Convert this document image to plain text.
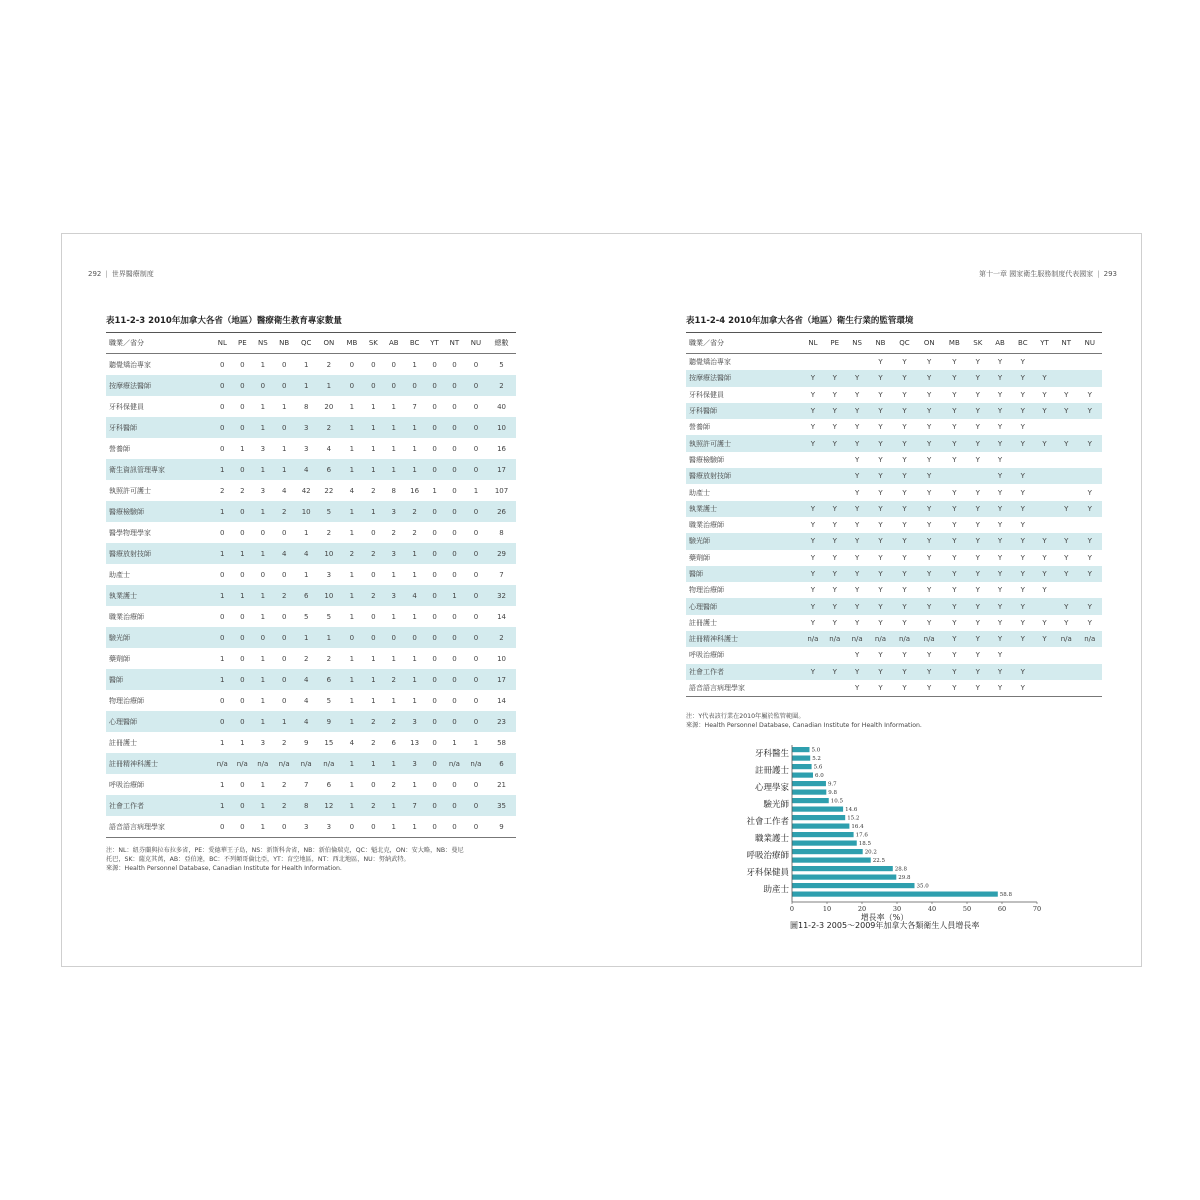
292 | 世界醫療制度
表11-2-3 2010年加拿大各省（地區）醫療衛生教育專家數量
職業／省分	NL	PE	NS	NB	QC	ON	MB	SK	AB	BC	YT	NT	NU	總數
聽覺矯治專家	0	0	1	0	1	2	0	0	0	1	0	0	0	5
按摩療法醫師	0	0	0	0	1	1	0	0	0	0	0	0	0	2
牙科保健員	0	0	1	1	8	20	1	1	1	7	0	0	0	40
牙科醫師	0	0	1	0	3	2	1	1	1	1	0	0	0	10
營養師	0	1	3	1	3	4	1	1	1	1	0	0	0	16
衛生資訊管理專家	1	0	1	1	4	6	1	1	1	1	0	0	0	17
執照許可護士	2	2	3	4	42	22	4	2	8	16	1	0	1	107
醫療檢驗師	1	0	1	2	10	5	1	1	3	2	0	0	0	26
醫學物理學家	0	0	0	0	1	2	1	0	2	2	0	0	0	8
醫療放射技師	1	1	1	4	4	10	2	2	3	1	0	0	0	29
助產士	0	0	0	0	1	3	1	0	1	1	0	0	0	7
執業護士	1	1	1	2	6	10	1	2	3	4	0	1	0	32
職業治療師	0	0	1	0	5	5	1	0	1	1	0	0	0	14
驗光師	0	0	0	0	1	1	0	0	0	0	0	0	0	2
藥劑師	1	0	1	0	2	2	1	1	1	1	0	0	0	10
醫師	1	0	1	0	4	6	1	1	2	1	0	0	0	17
物理治療師	0	0	1	0	4	5	1	1	1	1	0	0	0	14
心理醫師	0	0	1	1	4	9	1	2	2	3	0	0	0	23
註冊護士	1	1	3	2	9	15	4	2	6	13	0	1	1	58
註冊精神科護士	n/a	n/a	n/a	n/a	n/a	n/a	1	1	1	3	0	n/a	n/a	6
呼吸治療師	1	0	1	2	7	6	1	0	2	1	0	0	0	21
社會工作者	1	0	1	2	8	12	1	2	1	7	0	0	0	35
語音語言病理學家	0	0	1	0	3	3	0	0	1	1	0	0	0	9
注：NL：紐芬蘭與拉布拉多省，PE：愛德華王子島，NS：新斯科舍省，NB：新伯倫瑞克，QC：魁北克，ON：安大略，NB：曼尼
托巴，SK：薩克其萬，AB：亞伯達，BC：不列顛哥倫比亞，YT：育空地區，NT：西北地區，NU：努納武特。
來源：Health Personnel Database, Canadian Institute for Health Information.
第十一章 國家衛生服務制度代表國家 | 293
表11-2-4 2010年加拿大各省（地區）衛生行業的監管環境
職業／省分	NL	PE	NS	NB	QC	ON	MB	SK	AB	BC	YT	NT	NU
聽覺矯治專家				Y	Y	Y	Y	Y	Y	Y			
按摩療法醫師	Y	Y	Y	Y	Y	Y	Y	Y	Y	Y	Y		
牙科保健員	Y	Y	Y	Y	Y	Y	Y	Y	Y	Y	Y	Y	Y
牙科醫師	Y	Y	Y	Y	Y	Y	Y	Y	Y	Y	Y	Y	Y
營養師	Y	Y	Y	Y	Y	Y	Y	Y	Y	Y			
執照許可護士	Y	Y	Y	Y	Y	Y	Y	Y	Y	Y	Y	Y	Y
醫療檢驗師			Y	Y	Y	Y	Y	Y	Y				
醫療放射技師			Y	Y	Y	Y			Y	Y			
助產士			Y	Y	Y	Y	Y	Y	Y	Y			Y
執業護士	Y	Y	Y	Y	Y	Y	Y	Y	Y	Y		Y	Y
職業治療師	Y	Y	Y	Y	Y	Y	Y	Y	Y	Y			
驗光師	Y	Y	Y	Y	Y	Y	Y	Y	Y	Y	Y	Y	Y
藥劑師	Y	Y	Y	Y	Y	Y	Y	Y	Y	Y	Y	Y	Y
醫師	Y	Y	Y	Y	Y	Y	Y	Y	Y	Y	Y	Y	Y
物理治療師	Y	Y	Y	Y	Y	Y	Y	Y	Y	Y	Y		
心理醫師	Y	Y	Y	Y	Y	Y	Y	Y	Y	Y		Y	Y
註冊護士	Y	Y	Y	Y	Y	Y	Y	Y	Y	Y	Y	Y	Y
註冊精神科護士	n/a	n/a	n/a	n/a	n/a	n/a	Y	Y	Y	Y	Y	n/a	n/a
呼吸治療師			Y	Y	Y	Y	Y	Y	Y				
社會工作者	Y	Y	Y	Y	Y	Y	Y	Y	Y	Y			
語音語言病理學家			Y	Y	Y	Y	Y	Y	Y	Y			
注：Y代表該行業在2010年屬於監管範圍。
來源：Health Personnel Database, Canadian Institute for Health Information.
5.0
5.2
5.6
6.0
9.7
9.8
10.5
14.6
15.2
16.4
17.6
18.5
20.2
22.5
28.8
29.8
35.0
58.8
牙科醫生
註冊護士
心理學家
驗光師
社會工作者
職業護士
呼吸治療師
牙科保健員
助產士
0	10	20	30	40	50	60	70
增長率（%）
圖11-2-3 2005～2009年加拿大各類衛生人員增長率
